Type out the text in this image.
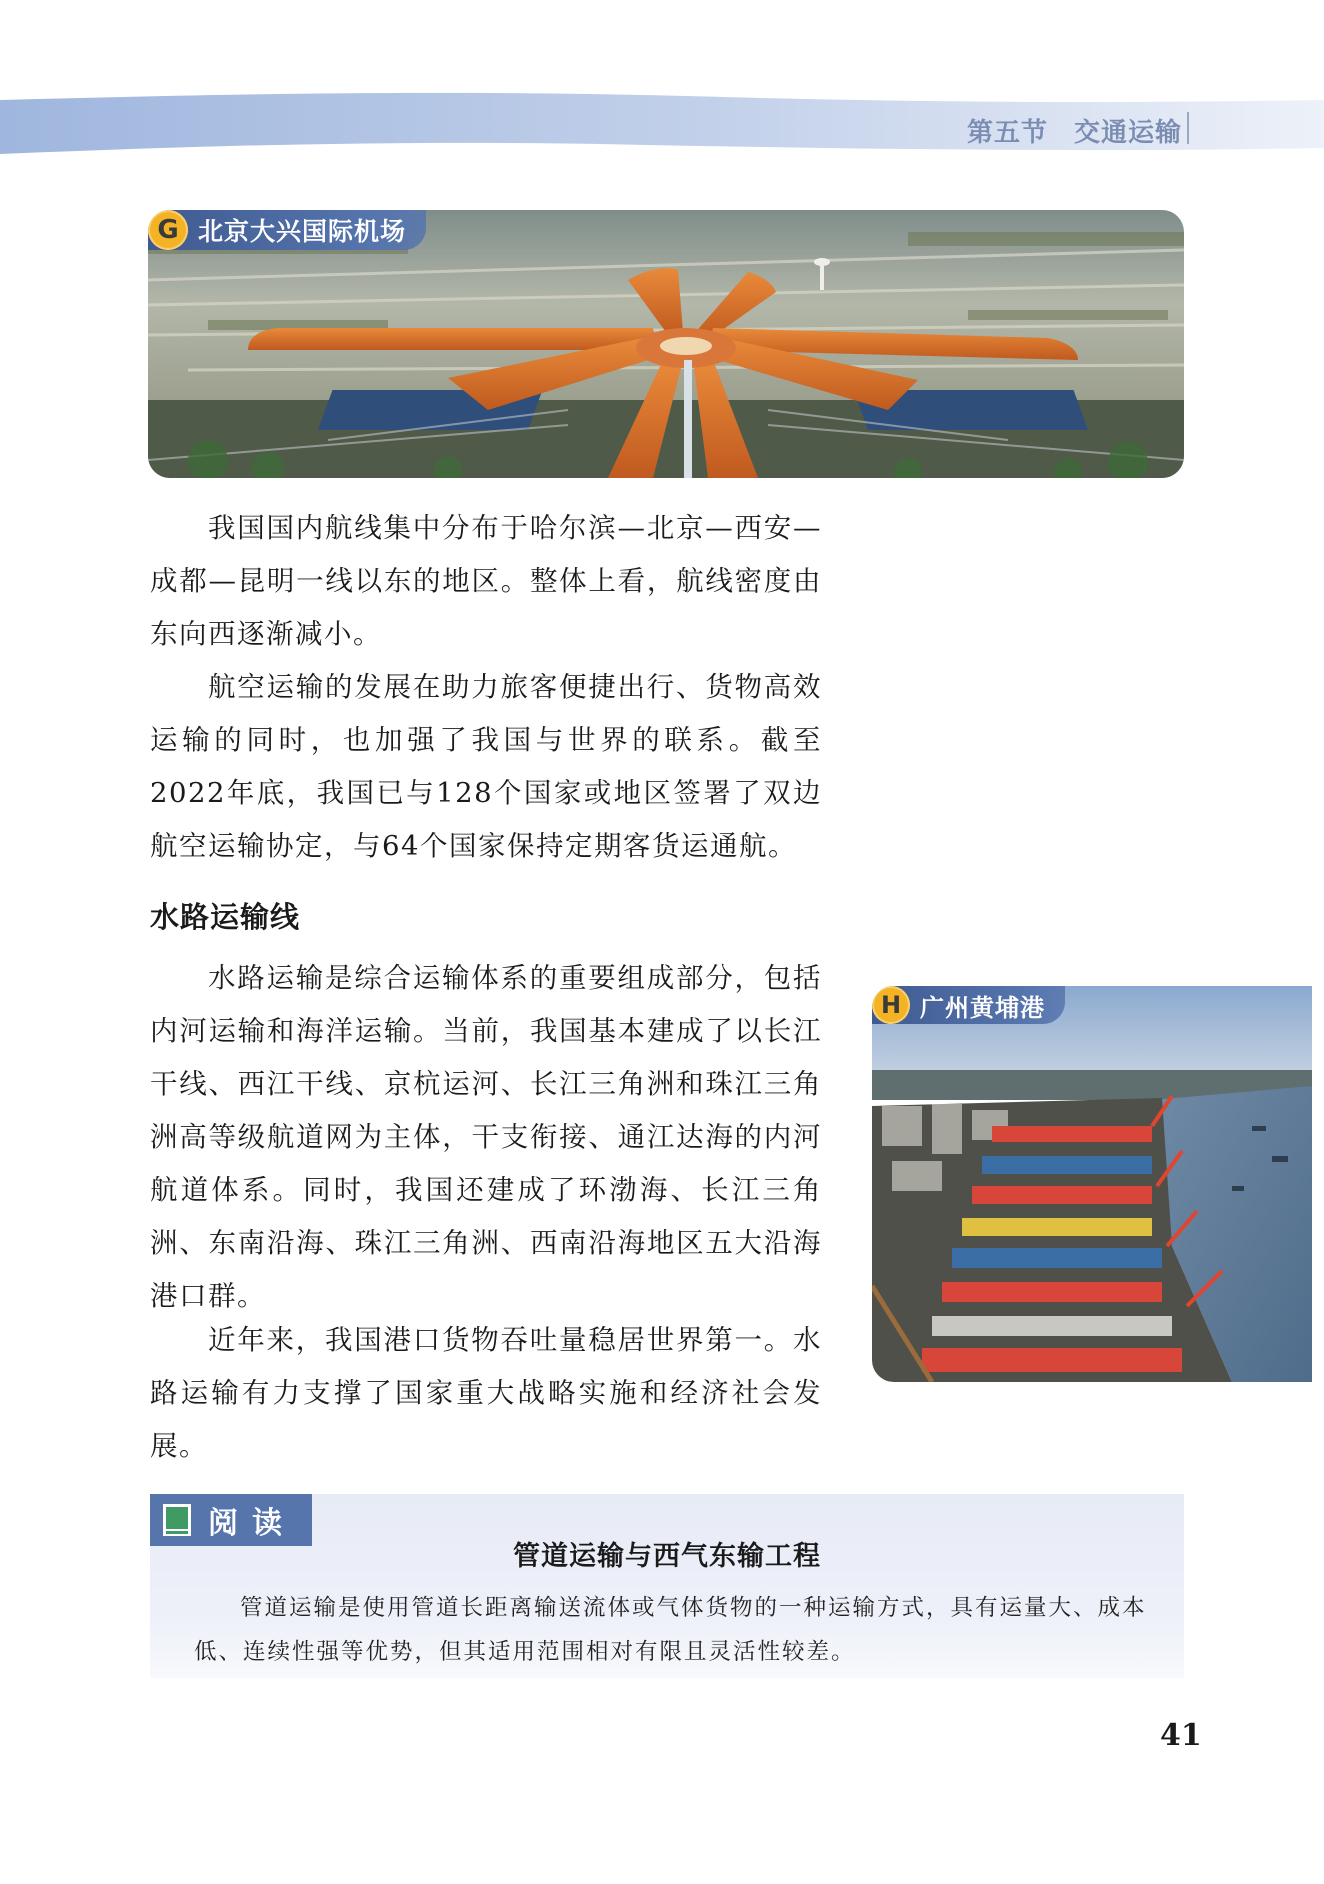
第五节 交通运输
G 北京大兴国际机场

我国国内航线集中分布于哈尔滨—北京—西安—成都—昆明一线以东的地区。整体上看，航线密度由东向西逐渐减小。

航空运输的发展在助力旅客便捷出行、货物高效运输的同时，也加强了我国与世界的联系。截至2022年底，我国已与128个国家或地区签署了双边航空运输协定，与64个国家保持定期客货运通航。

水路运输线

水路运输是综合运输体系的重要组成部分，包括内河运输和海洋运输。当前，我国基本建成了以长江干线、西江干线、京杭运河、长江三角洲和珠江三角洲高等级航道网为主体，干支衔接、通江达海的内河航道体系。同时，我国还建成了环渤海、长江三角洲、东南沿海、珠江三角洲、西南沿海地区五大沿海港口群。

近年来，我国港口货物吞吐量稳居世界第一。水路运输有力支撑了国家重大战略实施和经济社会发展。

H 广州黄埔港
阅读
管道运输与西气东输工程

管道运输是使用管道长距离输送流体或气体货物的一种运输方式，具有运量大、成本低、连续性强等优势，但其适用范围相对有限且灵活性较差。

41
